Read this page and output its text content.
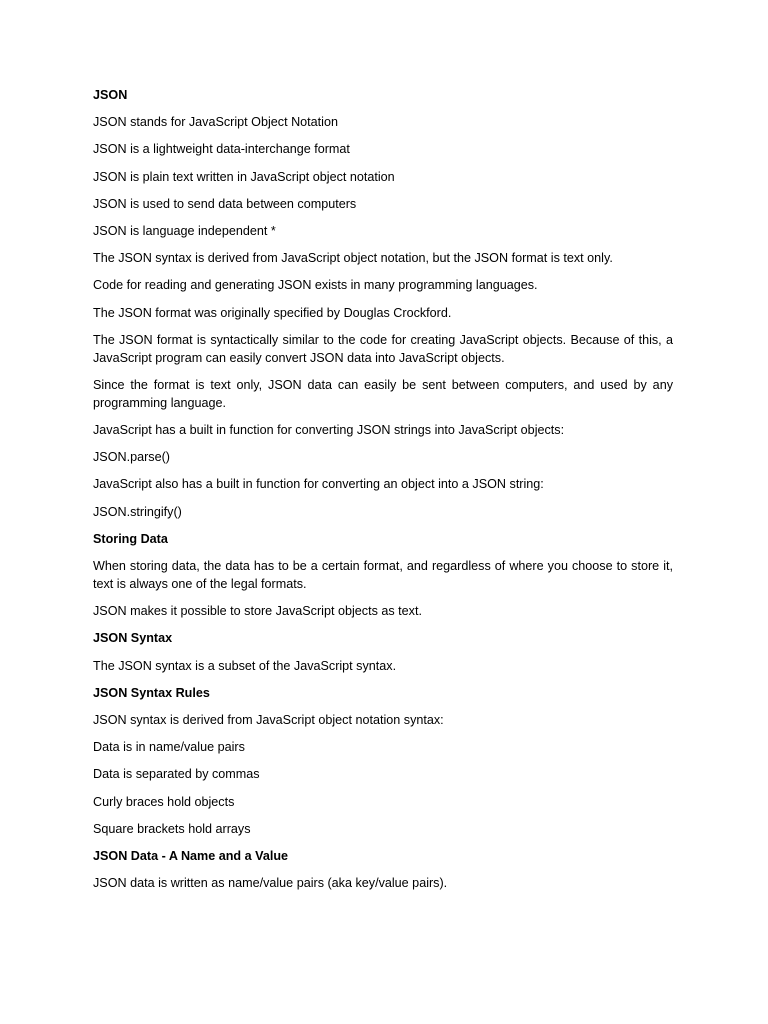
JSON

JSON stands for JavaScript Object Notation

JSON is a lightweight data-interchange format

JSON is plain text written in JavaScript object notation

JSON is used to send data between computers

JSON is language independent *

The JSON syntax is derived from JavaScript object notation, but the JSON format is text only.

Code for reading and generating JSON exists in many programming languages.

The JSON format was originally specified by Douglas Crockford.

The JSON format is syntactically similar to the code for creating JavaScript objects. Because of this, a JavaScript program can easily convert JSON data into JavaScript objects.

Since the format is text only, JSON data can easily be sent between computers, and used by any programming language.

JavaScript has a built in function for converting JSON strings into JavaScript objects:

JSON.parse()

JavaScript also has a built in function for converting an object into a JSON string:

JSON.stringify()

Storing Data

When storing data, the data has to be a certain format, and regardless of where you choose to store it, text is always one of the legal formats.

JSON makes it possible to store JavaScript objects as text.

JSON Syntax

The JSON syntax is a subset of the JavaScript syntax.

JSON Syntax Rules

JSON syntax is derived from JavaScript object notation syntax:

Data is in name/value pairs

Data is separated by commas

Curly braces hold objects

Square brackets hold arrays

JSON Data - A Name and a Value

JSON data is written as name/value pairs (aka key/value pairs).
